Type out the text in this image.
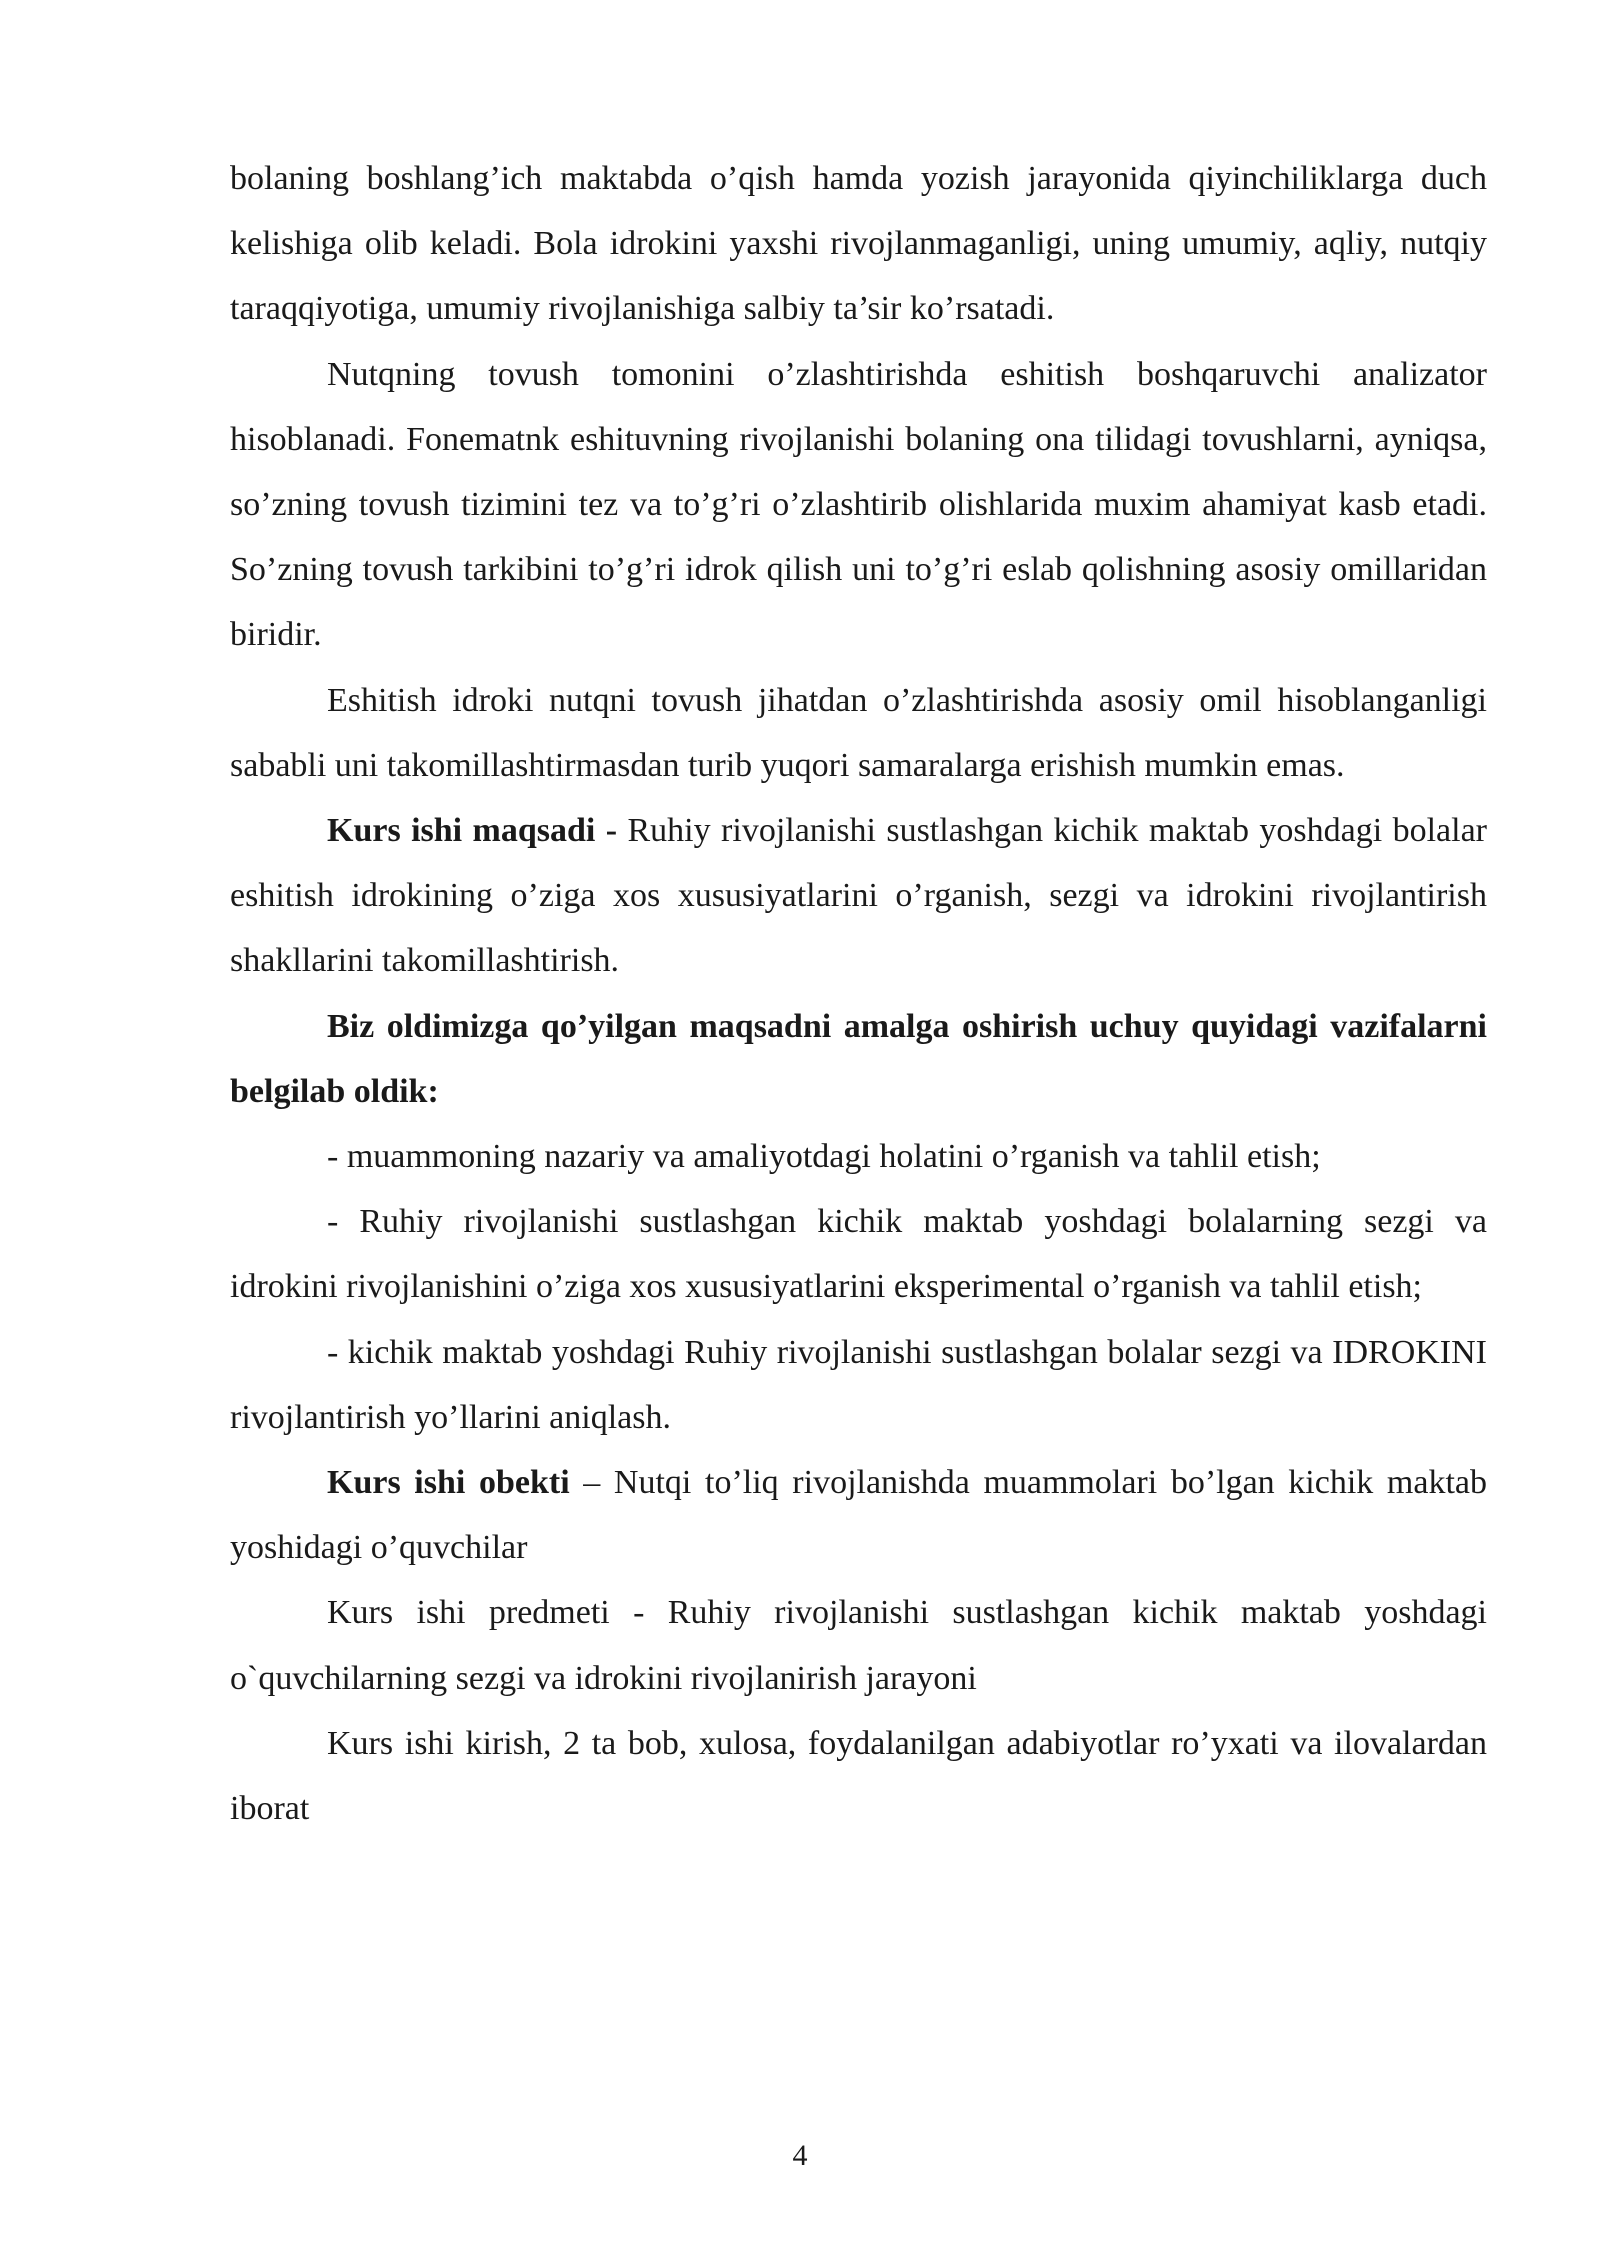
bolaning boshlang’ich maktabda o’qish hamda yozish jarayonida qiyinchiliklarga duch kelishiga olib keladi. Bola idrokini yaxshi rivojlanmaganligi, uning umumiy, aqliy, nutqiy taraqqiyotiga, umumiy rivojlanishiga salbiy ta’sir ko’rsatadi.

Nutqning tovush tomonini o’zlashtirishda eshitish boshqaruvchi analizator hisoblanadi. Fonematnk eshituvning rivojlanishi bolaning ona tilidagi tovushlarni, ayniqsa, so’zning tovush tizimini tez va to’g’ri o’zlashtirib olishlarida muxim ahamiyat kasb etadi. So’zning tovush tarkibini to’g’ri idrok qilish uni to’g’ri eslab qolishning asosiy omillaridan biridir.

Eshitish idroki nutqni tovush jihatdan o’zlashtirishda asosiy omil hisoblanganligi sababli uni takomillashtirmasdan turib yuqori samaralarga erishish mumkin emas.

Kurs ishi maqsadi - Ruhiy rivojlanishi sustlashgan kichik maktab yoshdagi bolalar eshitish idrokining o’ziga xos xususiyatlarini o’rganish, sezgi va idrokini rivojlantirish shakllarini takomillashtirish.

Biz oldimizga qo’yilgan maqsadni amalga oshirish uchuy quyidagi vazifalarni belgilab oldik:

- muammoning nazariy va amaliyotdagi holatini o’rganish va tahlil etish;

- Ruhiy rivojlanishi sustlashgan kichik maktab yoshdagi bolalarning sezgi va idrokini rivojlanishini o’ziga xos xususiyatlarini eksperimental o’rganish va tahlil etish;

- kichik maktab yoshdagi Ruhiy rivojlanishi sustlashgan bolalar sezgi va IDROKINI rivojlantirish yo’llarini aniqlash.

Kurs ishi obekti – Nutqi to’liq rivojlanishda muammolari bo’lgan kichik maktab yoshidagi o’quvchilar

Kurs ishi predmeti - Ruhiy rivojlanishi sustlashgan kichik maktab yoshdagi o`quvchilarning sezgi va idrokini rivojlanirish jarayoni

Kurs ishi kirish, 2 ta bob, xulosa, foydalanilgan adabiyotlar ro’yxati va ilovalardan iborat

4
